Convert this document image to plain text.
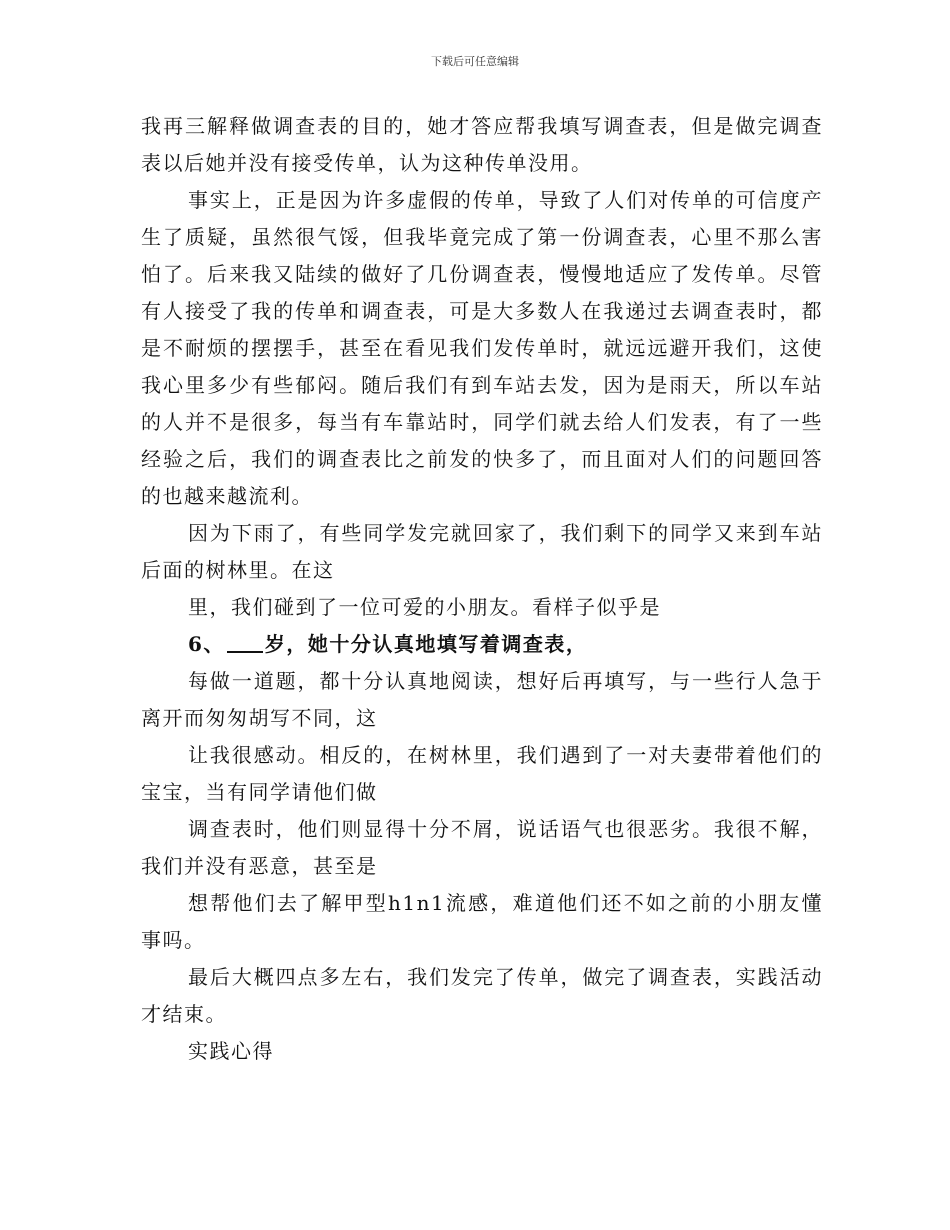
下载后可任意编辑

我再三解释做调查表的目的，她才答应帮我填写调查表，但是做完调查表以后她并没有接受传单，认为这种传单没用。

事实上，正是因为许多虚假的传单，导致了人们对传单的可信度产生了质疑，虽然很气馁，但我毕竟完成了第一份调查表，心里不那么害怕了。后来我又陆续的做好了几份调查表，慢慢地适应了发传单。尽管有人接受了我的传单和调查表，可是大多数人在我递过去调查表时，都是不耐烦的摆摆手，甚至在看见我们发传单时，就远远避开我们，这使我心里多少有些郁闷。随后我们有到车站去发，因为是雨天，所以车站的人并不是很多，每当有车靠站时，同学们就去给人们发表，有了一些经验之后，我们的调查表比之前发的快多了，而且面对人们的问题回答的也越来越流利。

因为下雨了，有些同学发完就回家了，我们剩下的同学又来到车站后面的树林里。在这

里，我们碰到了一位可爱的小朋友。看样子似乎是

6、 岁，她十分认真地填写着调查表，

每做一道题，都十分认真地阅读，想好后再填写，与一些行人急于离开而匆匆胡写不同，这

让我很感动。相反的，在树林里，我们遇到了一对夫妻带着他们的宝宝，当有同学请他们做

调查表时，他们则显得十分不屑，说话语气也很恶劣。我很不解，我们并没有恶意，甚至是

想帮他们去了解甲型h1n1流感，难道他们还不如之前的小朋友懂事吗。

最后大概四点多左右，我们发完了传单，做完了调查表，实践活动才结束。

实践心得
